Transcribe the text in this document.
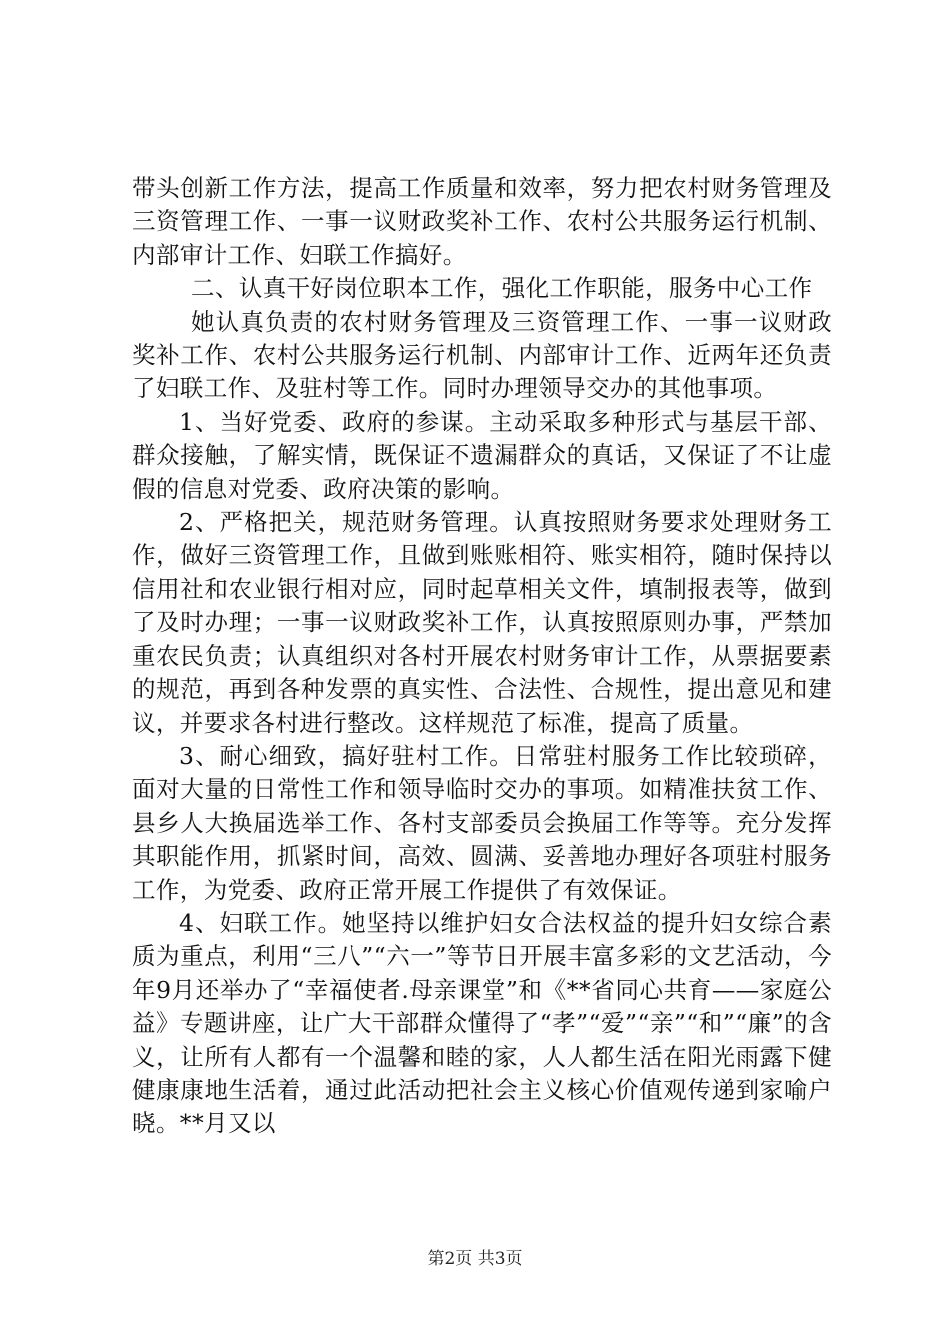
带头创新工作方法，提高工作质量和效率，努力把农村财务管理及三资管理工作、一事一议财政奖补工作、农村公共服务运行机制、内部审计工作、妇联工作搞好。

二、认真干好岗位职本工作，强化工作职能，服务中心工作

她认真负责的农村财务管理及三资管理工作、一事一议财政奖补工作、农村公共服务运行机制、内部审计工作、近两年还负责了妇联工作、及驻村等工作。同时办理领导交办的其他事项。

1、当好党委、政府的参谋。主动采取多种形式与基层干部、群众接触，了解实情，既保证不遗漏群众的真话，又保证了不让虚假的信息对党委、政府决策的影响。

2、严格把关，规范财务管理。认真按照财务要求处理财务工作，做好三资管理工作，且做到账账相符、账实相符，随时保持以信用社和农业银行相对应，同时起草相关文件，填制报表等，做到了及时办理；一事一议财政奖补工作，认真按照原则办事，严禁加重农民负责；认真组织对各村开展农村财务审计工作，从票据要素的规范，再到各种发票的真实性、合法性、合规性，提出意见和建议，并要求各村进行整改。这样规范了标准，提高了质量。

3、耐心细致，搞好驻村工作。日常驻村服务工作比较琐碎，面对大量的日常性工作和领导临时交办的事项。如精准扶贫工作、县乡人大换届选举工作、各村支部委员会换届工作等等。充分发挥其职能作用，抓紧时间，高效、圆满、妥善地办理好各项驻村服务工作，为党委、政府正常开展工作提供了有效保证。

4、妇联工作。她坚持以维护妇女合法权益的提升妇女综合素质为重点，利用“三八”“六一”等节日开展丰富多彩的文艺活动，今年9月还举办了“幸福使者.母亲课堂”和《**省同心共育——家庭公益》专题讲座，让广大干部群众懂得了“孝”“爱”“亲”“和”“廉”的含义，让所有人都有一个温馨和睦的家，人人都生活在阳光雨露下健健康康地生活着，通过此活动把社会主义核心价值观传递到家喻户晓。**月又以

第2页 共3页
